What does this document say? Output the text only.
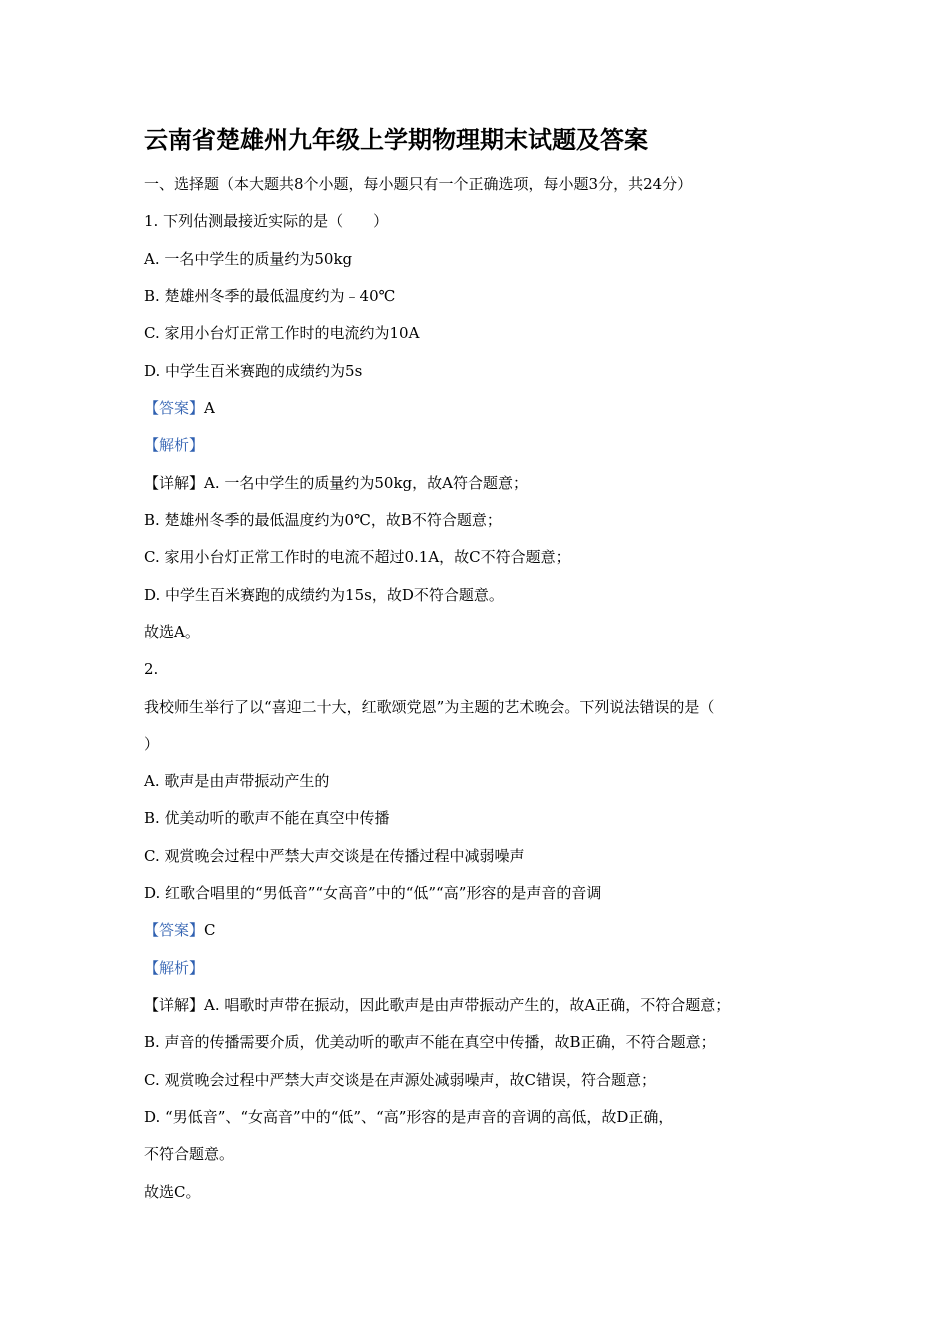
云南省楚雄州九年级上学期物理期末试题及答案
一、选择题（本大题共8个小题，每小题只有一个正确选项，每小题3分，共24分）
1. 下列估测最接近实际的是（　　）
A. 一名中学生的质量约为50kg
B. 楚雄州冬季的最低温度约为﹣40℃
C. 家用小台灯正常工作时的电流约为10A
D. 中学生百米赛跑的成绩约为5s
【答案】A
【解析】
【详解】A. 一名中学生的质量约为50kg，故A符合题意；
B. 楚雄州冬季的最低温度约为0℃，故B不符合题意；
C. 家用小台灯正常工作时的电流不超过0.1A，故C不符合题意；
D. 中学生百米赛跑的成绩约为15s，故D不符合题意。
故选A。
2.
我校师生举行了以“喜迎二十大，红歌颂党恩”为主题的艺术晚会。下列说法错误的是（
）
A. 歌声是由声带振动产生的
B. 优美动听的歌声不能在真空中传播
C. 观赏晚会过程中严禁大声交谈是在传播过程中减弱噪声
D. 红歌合唱里的“男低音”“女高音”中的“低”“高”形容的是声音的音调
【答案】C
【解析】
【详解】A. 唱歌时声带在振动，因此歌声是由声带振动产生的，故A正确，不符合题意；
B. 声音的传播需要介质，优美动听的歌声不能在真空中传播，故B正确，不符合题意；
C. 观赏晚会过程中严禁大声交谈是在声源处减弱噪声，故C错误，符合题意；
D. “男低音”、“女高音”中的“低”、“高”形容的是声音的音调的高低，故D正确，
不符合题意。
故选C。
